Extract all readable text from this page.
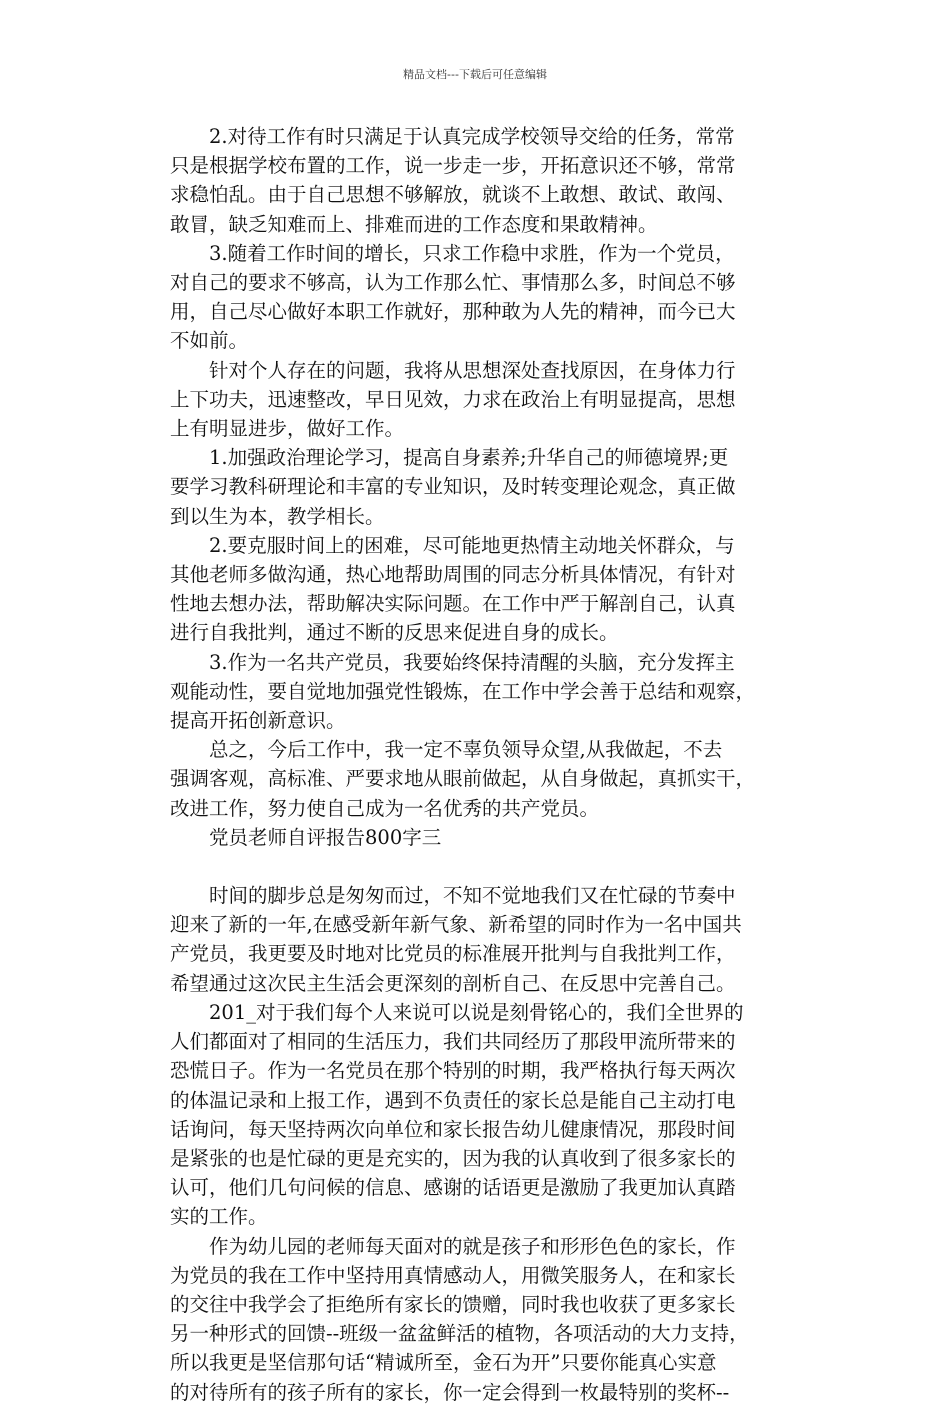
精品文档---下载后可任意编辑

2.对待工作有时只满足于认真完成学校领导交给的任务，常常
只是根据学校布置的工作，说一步走一步，开拓意识还不够，常常
求稳怕乱。由于自己思想不够解放，就谈不上敢想、敢试、敢闯、
敢冒，缺乏知难而上、排难而进的工作态度和果敢精神。

3.随着工作时间的增长，只求工作稳中求胜，作为一个党员，
对自己的要求不够高，认为工作那么忙、事情那么多，时间总不够
用，自己尽心做好本职工作就好，那种敢为人先的精神，而今已大
不如前。

针对个人存在的问题，我将从思想深处查找原因，在身体力行
上下功夫，迅速整改，早日见效，力求在政治上有明显提高，思想
上有明显进步，做好工作。

1.加强政治理论学习，提高自身素养;升华自己的师德境界;更
要学习教科研理论和丰富的专业知识，及时转变理论观念，真正做
到以生为本，教学相长。

2.要克服时间上的困难，尽可能地更热情主动地关怀群众，与
其他老师多做沟通，热心地帮助周围的同志分析具体情况，有针对
性地去想办法，帮助解决实际问题。在工作中严于解剖自己，认真
进行自我批判，通过不断的反思来促进自身的成长。

3.作为一名共产党员，我要始终保持清醒的头脑，充分发挥主
观能动性，要自觉地加强党性锻炼，在工作中学会善于总结和观察，
提高开拓创新意识。

总之，今后工作中，我一定不辜负领导众望,从我做起，不去
强调客观，高标准、严要求地从眼前做起，从自身做起，真抓实干，
改进工作，努力使自己成为一名优秀的共产党员。

党员老师自评报告800字三

时间的脚步总是匆匆而过，不知不觉地我们又在忙碌的节奏中
迎来了新的一年,在感受新年新气象、新希望的同时作为一名中国共
产党员，我更要及时地对比党员的标准展开批判与自我批判工作，
希望通过这次民主生活会更深刻的剖析自己、在反思中完善自己。

201_对于我们每个人来说可以说是刻骨铭心的，我们全世界的
人们都面对了相同的生活压力，我们共同经历了那段甲流所带来的
恐慌日子。作为一名党员在那个特别的时期，我严格执行每天两次
的体温记录和上报工作，遇到不负责任的家长总是能自己主动打电
话询问，每天坚持两次向单位和家长报告幼儿健康情况，那段时间
是紧张的也是忙碌的更是充实的，因为我的认真收到了很多家长的
认可，他们几句问候的信息、感谢的话语更是激励了我更加认真踏
实的工作。

作为幼儿园的老师每天面对的就是孩子和形形色色的家长，作
为党员的我在工作中坚持用真情感动人，用微笑服务人，在和家长
的交往中我学会了拒绝所有家长的馈赠，同时我也收获了更多家长
另一种形式的回馈--班级一盆盆鲜活的植物，各项活动的大力支持，
所以我更是坚信那句话“精诚所至，金石为开”只要你能真心实意
的对待所有的孩子所有的家长，你一定会得到一枚最特别的奖杯--
